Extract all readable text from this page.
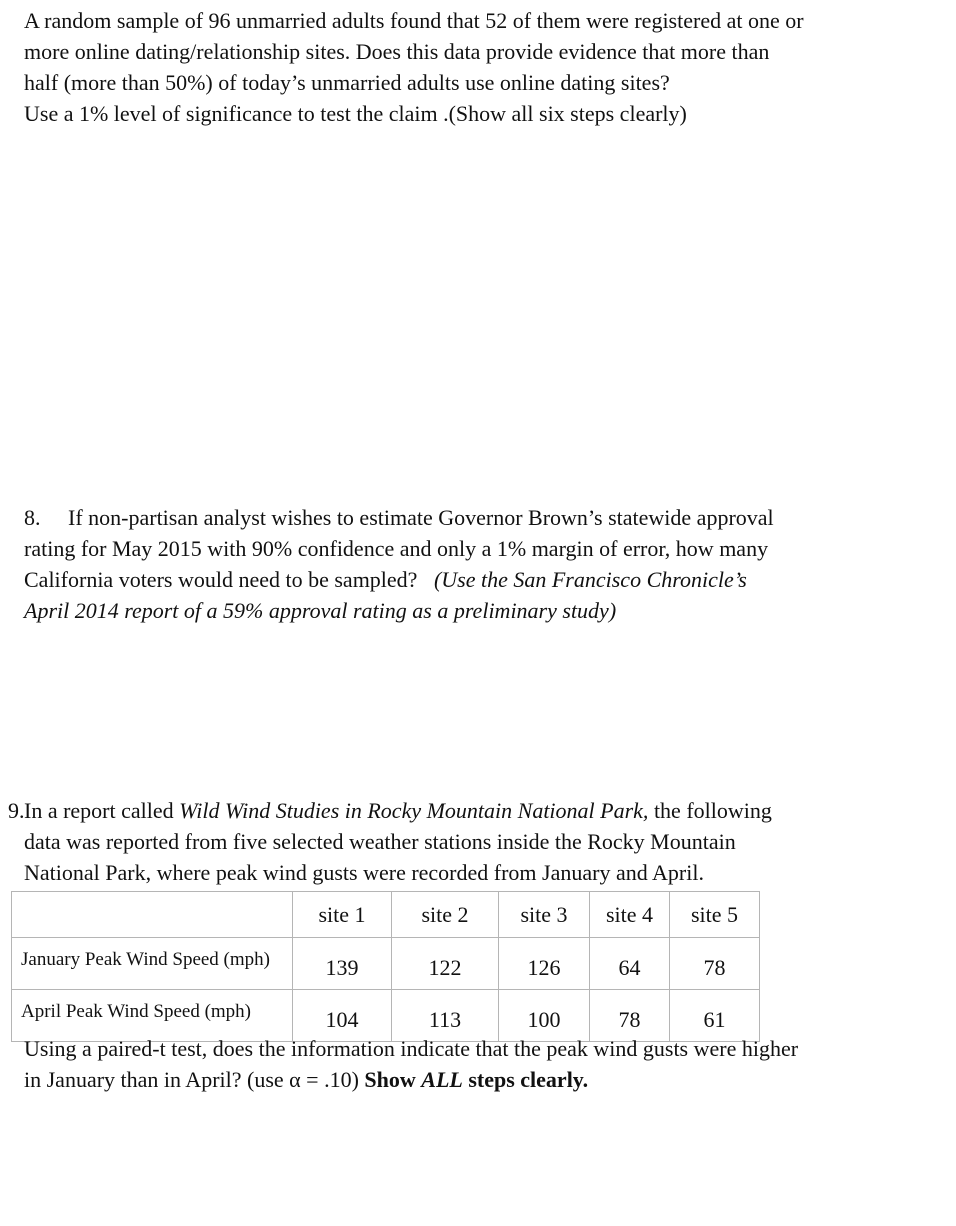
A random sample of 96 unmarried adults found that 52 of them were registered at one or
more online dating/relationship sites. Does this data provide evidence that more than
half (more than 50%) of today’s unmarried adults use online dating sites?
Use a 1% level of significance to test the claim .(Show all six steps clearly)
8. If non-partisan analyst wishes to estimate Governor Brown’s statewide approval
rating for May 2015 with 90% confidence and only a 1% margin of error, how many
California voters would need to be sampled? (Use the San Francisco Chronicle’s
April 2014 report of a 59% approval rating as a preliminary study)
9. In a report called Wild Wind Studies in Rocky Mountain National Park, the following
data was reported from five selected weather stations inside the Rocky Mountain
National Park, where peak wind gusts were recorded from January and April.
	site 1	site 2	site 3	site 4	site 5
January Peak Wind Speed (mph)	139	122	126	64	78
April Peak Wind Speed (mph)	104	113	100	78	61
Using a paired-t test, does the information indicate that the peak wind gusts were higher
in January than in April? (use α = .10) Show ALL steps clearly.
